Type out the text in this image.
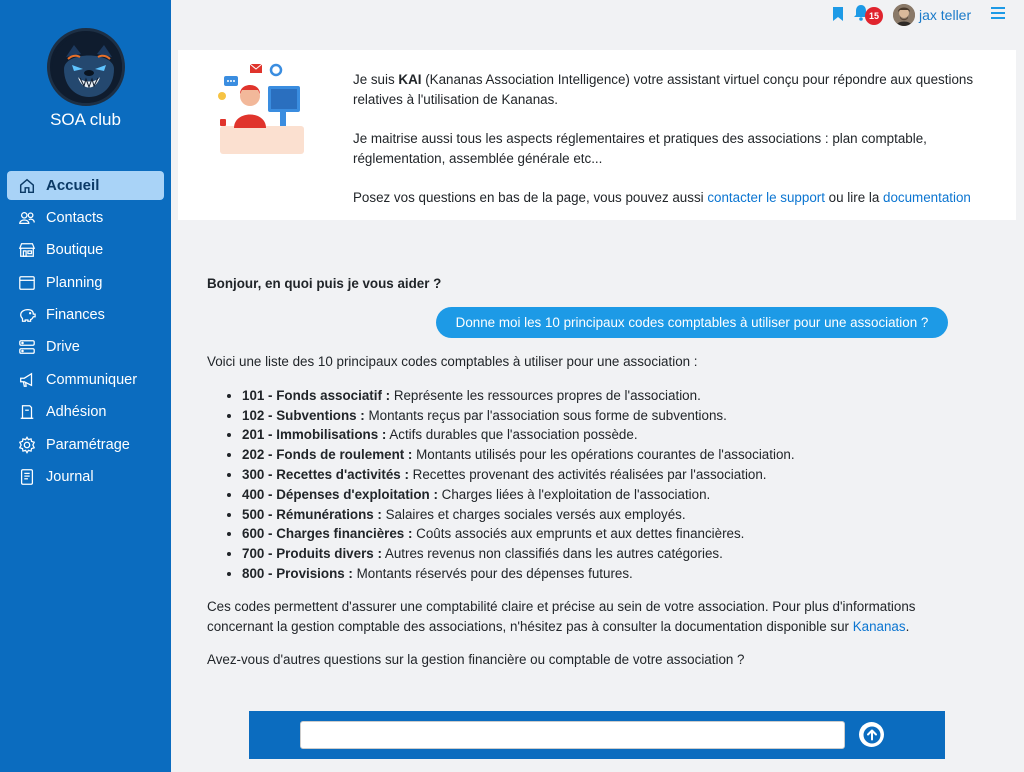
SOA club
Accueil
Contacts
Boutique
Planning
Finances
Drive
Communiquer
Adhésion
Paramétrage
Journal
15	jax teller

Je suis KAI (Kananas Association Intelligence) votre assistant virtuel conçu pour répondre aux questions relatives à l'utilisation de Kananas.

Je maitrise aussi tous les aspects réglementaires et pratiques des associations : plan comptable, réglementation, assemblée générale etc...

Posez vos questions en bas de la page, vous pouvez aussi contacter le support ou lire la documentation

Bonjour, en quoi puis je vous aider ?
Donne moi les 10 principaux codes comptables à utiliser pour une association ?

Voici une liste des 10 principaux codes comptables à utiliser pour une association :

• 101 - Fonds associatif : Représente les ressources propres de l'association.
• 102 - Subventions : Montants reçus par l'association sous forme de subventions.
• 201 - Immobilisations : Actifs durables que l'association possède.
• 202 - Fonds de roulement : Montants utilisés pour les opérations courantes de l'association.
• 300 - Recettes d'activités : Recettes provenant des activités réalisées par l'association.
• 400 - Dépenses d'exploitation : Charges liées à l'exploitation de l'association.
• 500 - Rémunérations : Salaires et charges sociales versés aux employés.
• 600 - Charges financières : Coûts associés aux emprunts et aux dettes financières.
• 700 - Produits divers : Autres revenus non classifiés dans les autres catégories.
• 800 - Provisions : Montants réservés pour des dépenses futures.

Ces codes permettent d'assurer une comptabilité claire et précise au sein de votre association. Pour plus d'informations concernant la gestion comptable des associations, n'hésitez pas à consulter la documentation disponible sur Kananas.

Avez-vous d'autres questions sur la gestion financière ou comptable de votre association ?
